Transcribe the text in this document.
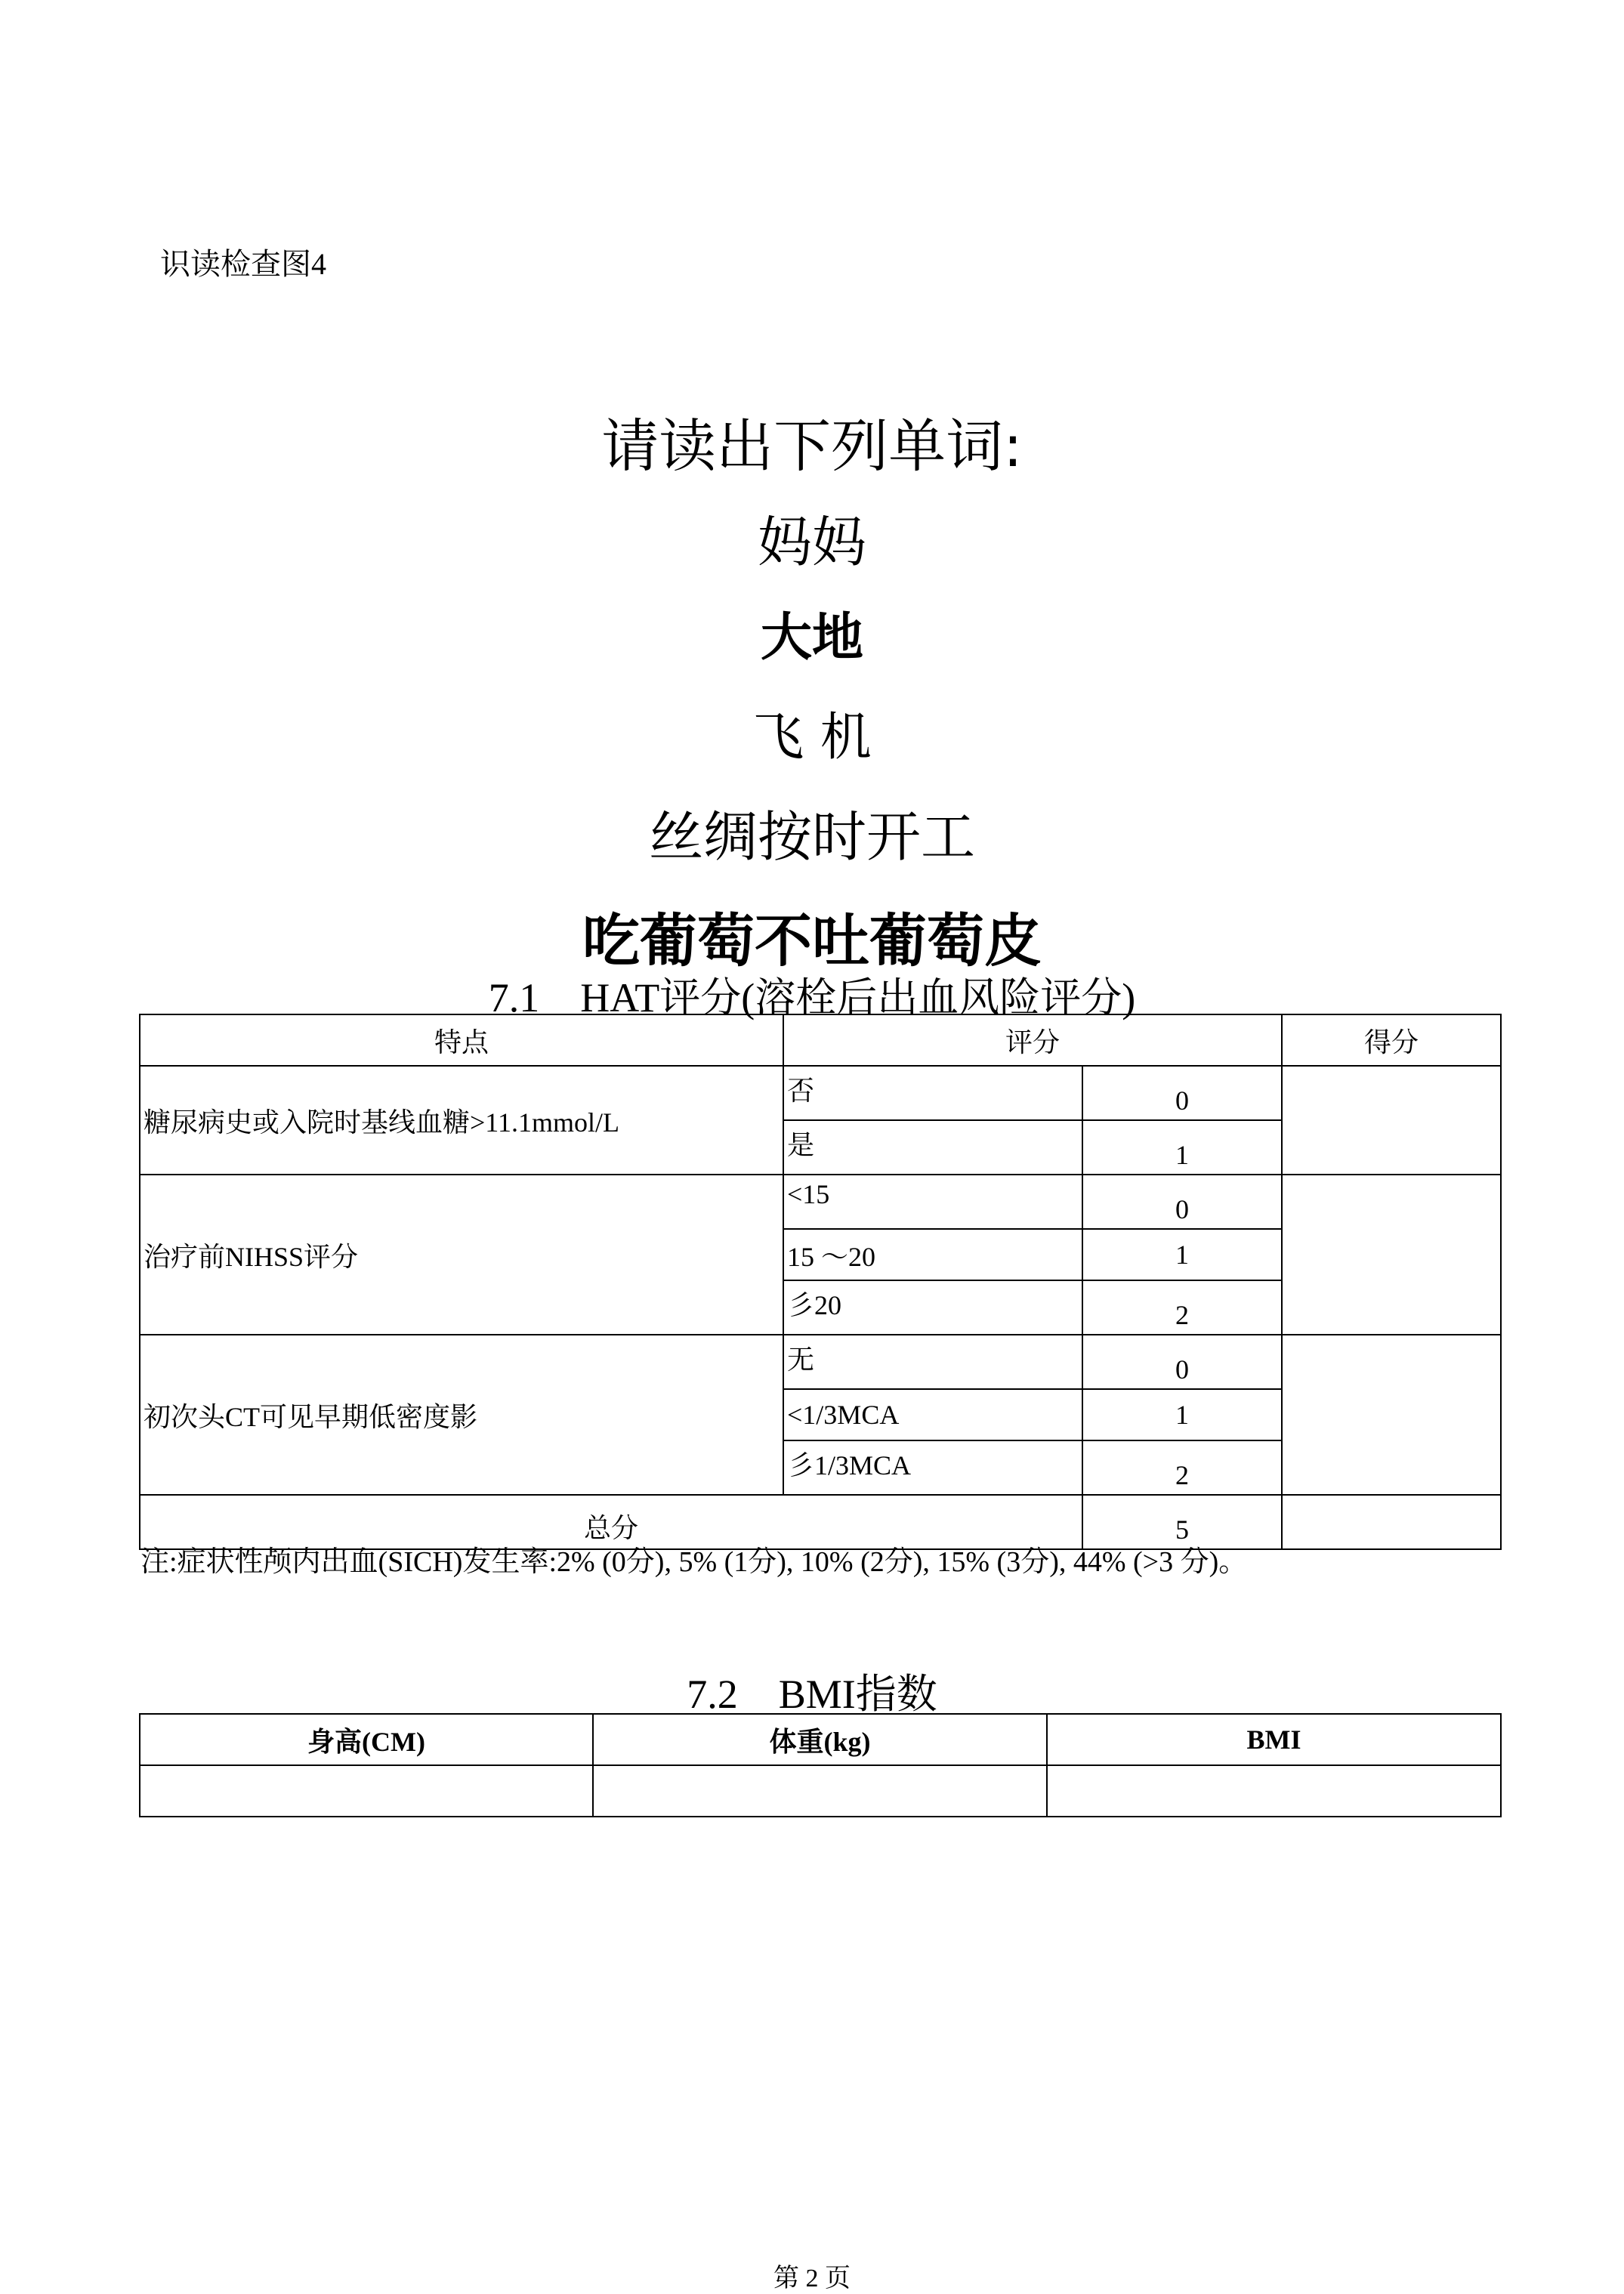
识读检查图4
请读出下列单词:
妈妈
大地
飞 机
丝绸按时开工
吃葡萄不吐葡萄皮
7.1　HAT评分(溶栓后出血风险评分)
特点	评分		得分
糖尿病史或入院时基线血糖>11.1mmol/L	否	0	
	是	1	
治疗前NIHSS评分	<15	0	
	15 〜20	1	
	彡20	2	
初次头CT可见早期低密度影	无	0	
	<1/3MCA	1	
	彡1/3MCA	2	
总分		5	
注:症状性颅内出血(SICH)发生率:2% (0分), 5% (1分), 10% (2分), 15% (3分), 44% (>3 分)。
7.2　BMI指数
身高(CM)	体重(kg)	BMI

第 2 页
